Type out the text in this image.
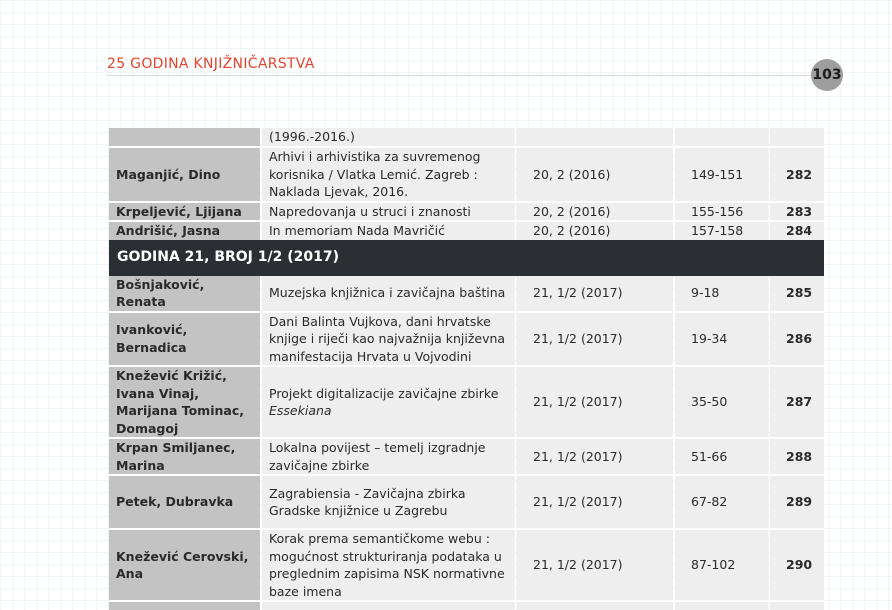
25 GODINA KNJIŽNIČARSTVA
103
	(1996.-2016.)			

Maganjić, Dino	Arhivi i arhivistika za suvremenog korisnika / Vlatka Lemić. Zagreb : Naklada Ljevak, 2016.	20, 2 (2016)	149-151	282

Krpeljević, Ljijana	Napredovanja u struci i znanosti	20, 2 (2016)	155-156	283

Andrišić, Jasna	In memoriam Nada Mavričić	20, 2 (2016)	157-158	284
GODINA 21, BROJ 1/2 (2017)				
Bošnjaković, Renata	Muzejska knjižnica i zavičajna baština	21, 1/2 (2017)	9-18	285

Ivanković, Bernadica	Dani Balinta Vujkova, dani hrvatske knjige i riječi kao najvažnija književna manifestacija Hrvata u Vojvodini	21, 1/2 (2017)	19-34	286

Knežević Križić, Ivana Vinaj, Marijana Tominac, Domagoj	Projekt digitalizacije zavičajne zbirke
Essekiana	21, 1/2 (2017)	35-50	287

Krpan Smiljanec, Marina	Lokalna povijest – temelj izgradnje zavičajne zbirke	21, 1/2 (2017)	51-66	288

Petek, Dubravka	Zagrabiensia - Zavičajna zbirka Gradske knjižnice u Zagrebu	21, 1/2 (2017)	67-82	289

Knežević Cerovski, Ana	Korak prema semantičkome webu : mogućnost strukturiranja podataka u preglednim zapisima NSK normativne baze imena	21, 1/2 (2017)	87-102	290
